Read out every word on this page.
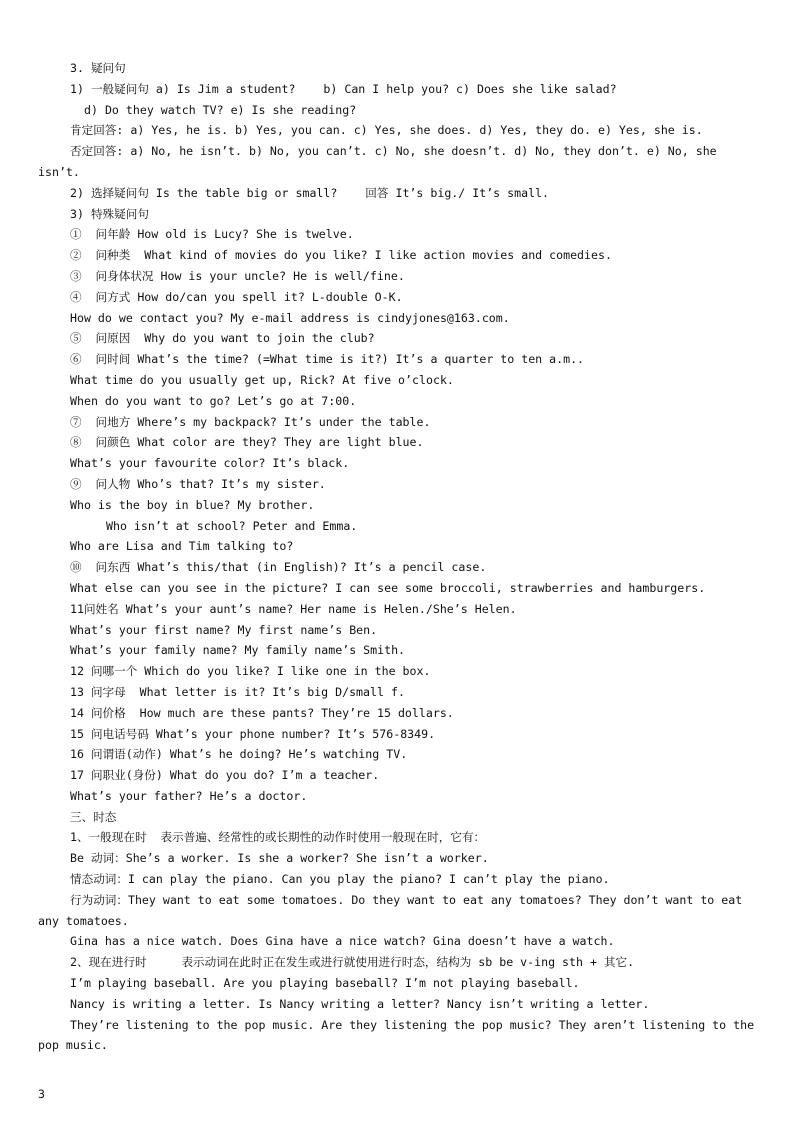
3. 疑问句
1) 一般疑问句 a) Is Jim a student?    b) Can I help you? c) Does she like salad?
d) Do they watch TV? e) Is she reading?
肯定回答: a) Yes, he is. b) Yes, you can. c) Yes, she does. d) Yes, they do. e) Yes, she is.
否定回答: a) No, he isn’t. b) No, you can’t. c) No, she doesn’t. d) No, they don’t. e) No, she isn’t.
2) 选择疑问句 Is the table big or small?    回答 It’s big./ It’s small.
3) 特殊疑问句
①  问年龄 How old is Lucy? She is twelve.
②  问种类  What kind of movies do you like? I like action movies and comedies.
③  问身体状况 How is your uncle? He is well/fine.
④  问方式 How do/can you spell it? L-double O-K.
How do we contact you? My e-mail address is cindyjones@163.com.
⑤  问原因  Why do you want to join the club?
⑥  问时间 What’s the time? (=What time is it?) It’s a quarter to ten a.m..
What time do you usually get up, Rick? At five o’clock.
When do you want to go? Let’s go at 7:00.
⑦  问地方 Where’s my backpack? It’s under the table.
⑧  问颜色 What color are they? They are light blue.
What’s your favourite color? It’s black.
⑨  问人物 Who’s that? It’s my sister.
Who is the boy in blue? My brother.
Who isn’t at school? Peter and Emma.
Who are Lisa and Tim talking to?
⑩  问东西 What’s this/that (in English)? It’s a pencil case.
What else can you see in the picture? I can see some broccoli, strawberries and hamburgers.
11问姓名 What’s your aunt’s name? Her name is Helen./She’s Helen.
What’s your first name? My first name’s Ben.
What’s your family name? My family name’s Smith.
12 问哪一个 Which do you like? I like one in the box.
13 问字母  What letter is it? It’s big D/small f.
14 问价格  How much are these pants? They’re 15 dollars.
15 问电话号码 What’s your phone number? It’s 576-8349.
16 问谓语(动作) What’s he doing? He’s watching TV.
17 问职业(身份) What do you do? I’m a teacher.
What’s your father? He’s a doctor.
三、时态
1、一般现在时  表示普遍、经常性的或长期性的动作时使用一般现在时，它有：
Be 动词：She’s a worker. Is she a worker? She isn’t a worker.
情态动词：I can play the piano. Can you play the piano? I can’t play the piano.
行为动词：They want to eat some tomatoes. Do they want to eat any tomatoes? They don’t want to eat any tomatoes.
Gina has a nice watch. Does Gina have a nice watch? Gina doesn’t have a watch.
2、现在进行时     表示动词在此时正在发生或进行就使用进行时态，结构为 sb be v-ing sth + 其它.
I’m playing baseball. Are you playing baseball? I’m not playing baseball.
Nancy is writing a letter. Is Nancy writing a letter? Nancy isn’t writing a letter.
They’re listening to the pop music. Are they listening the pop music? They aren’t listening to the pop music.
3
